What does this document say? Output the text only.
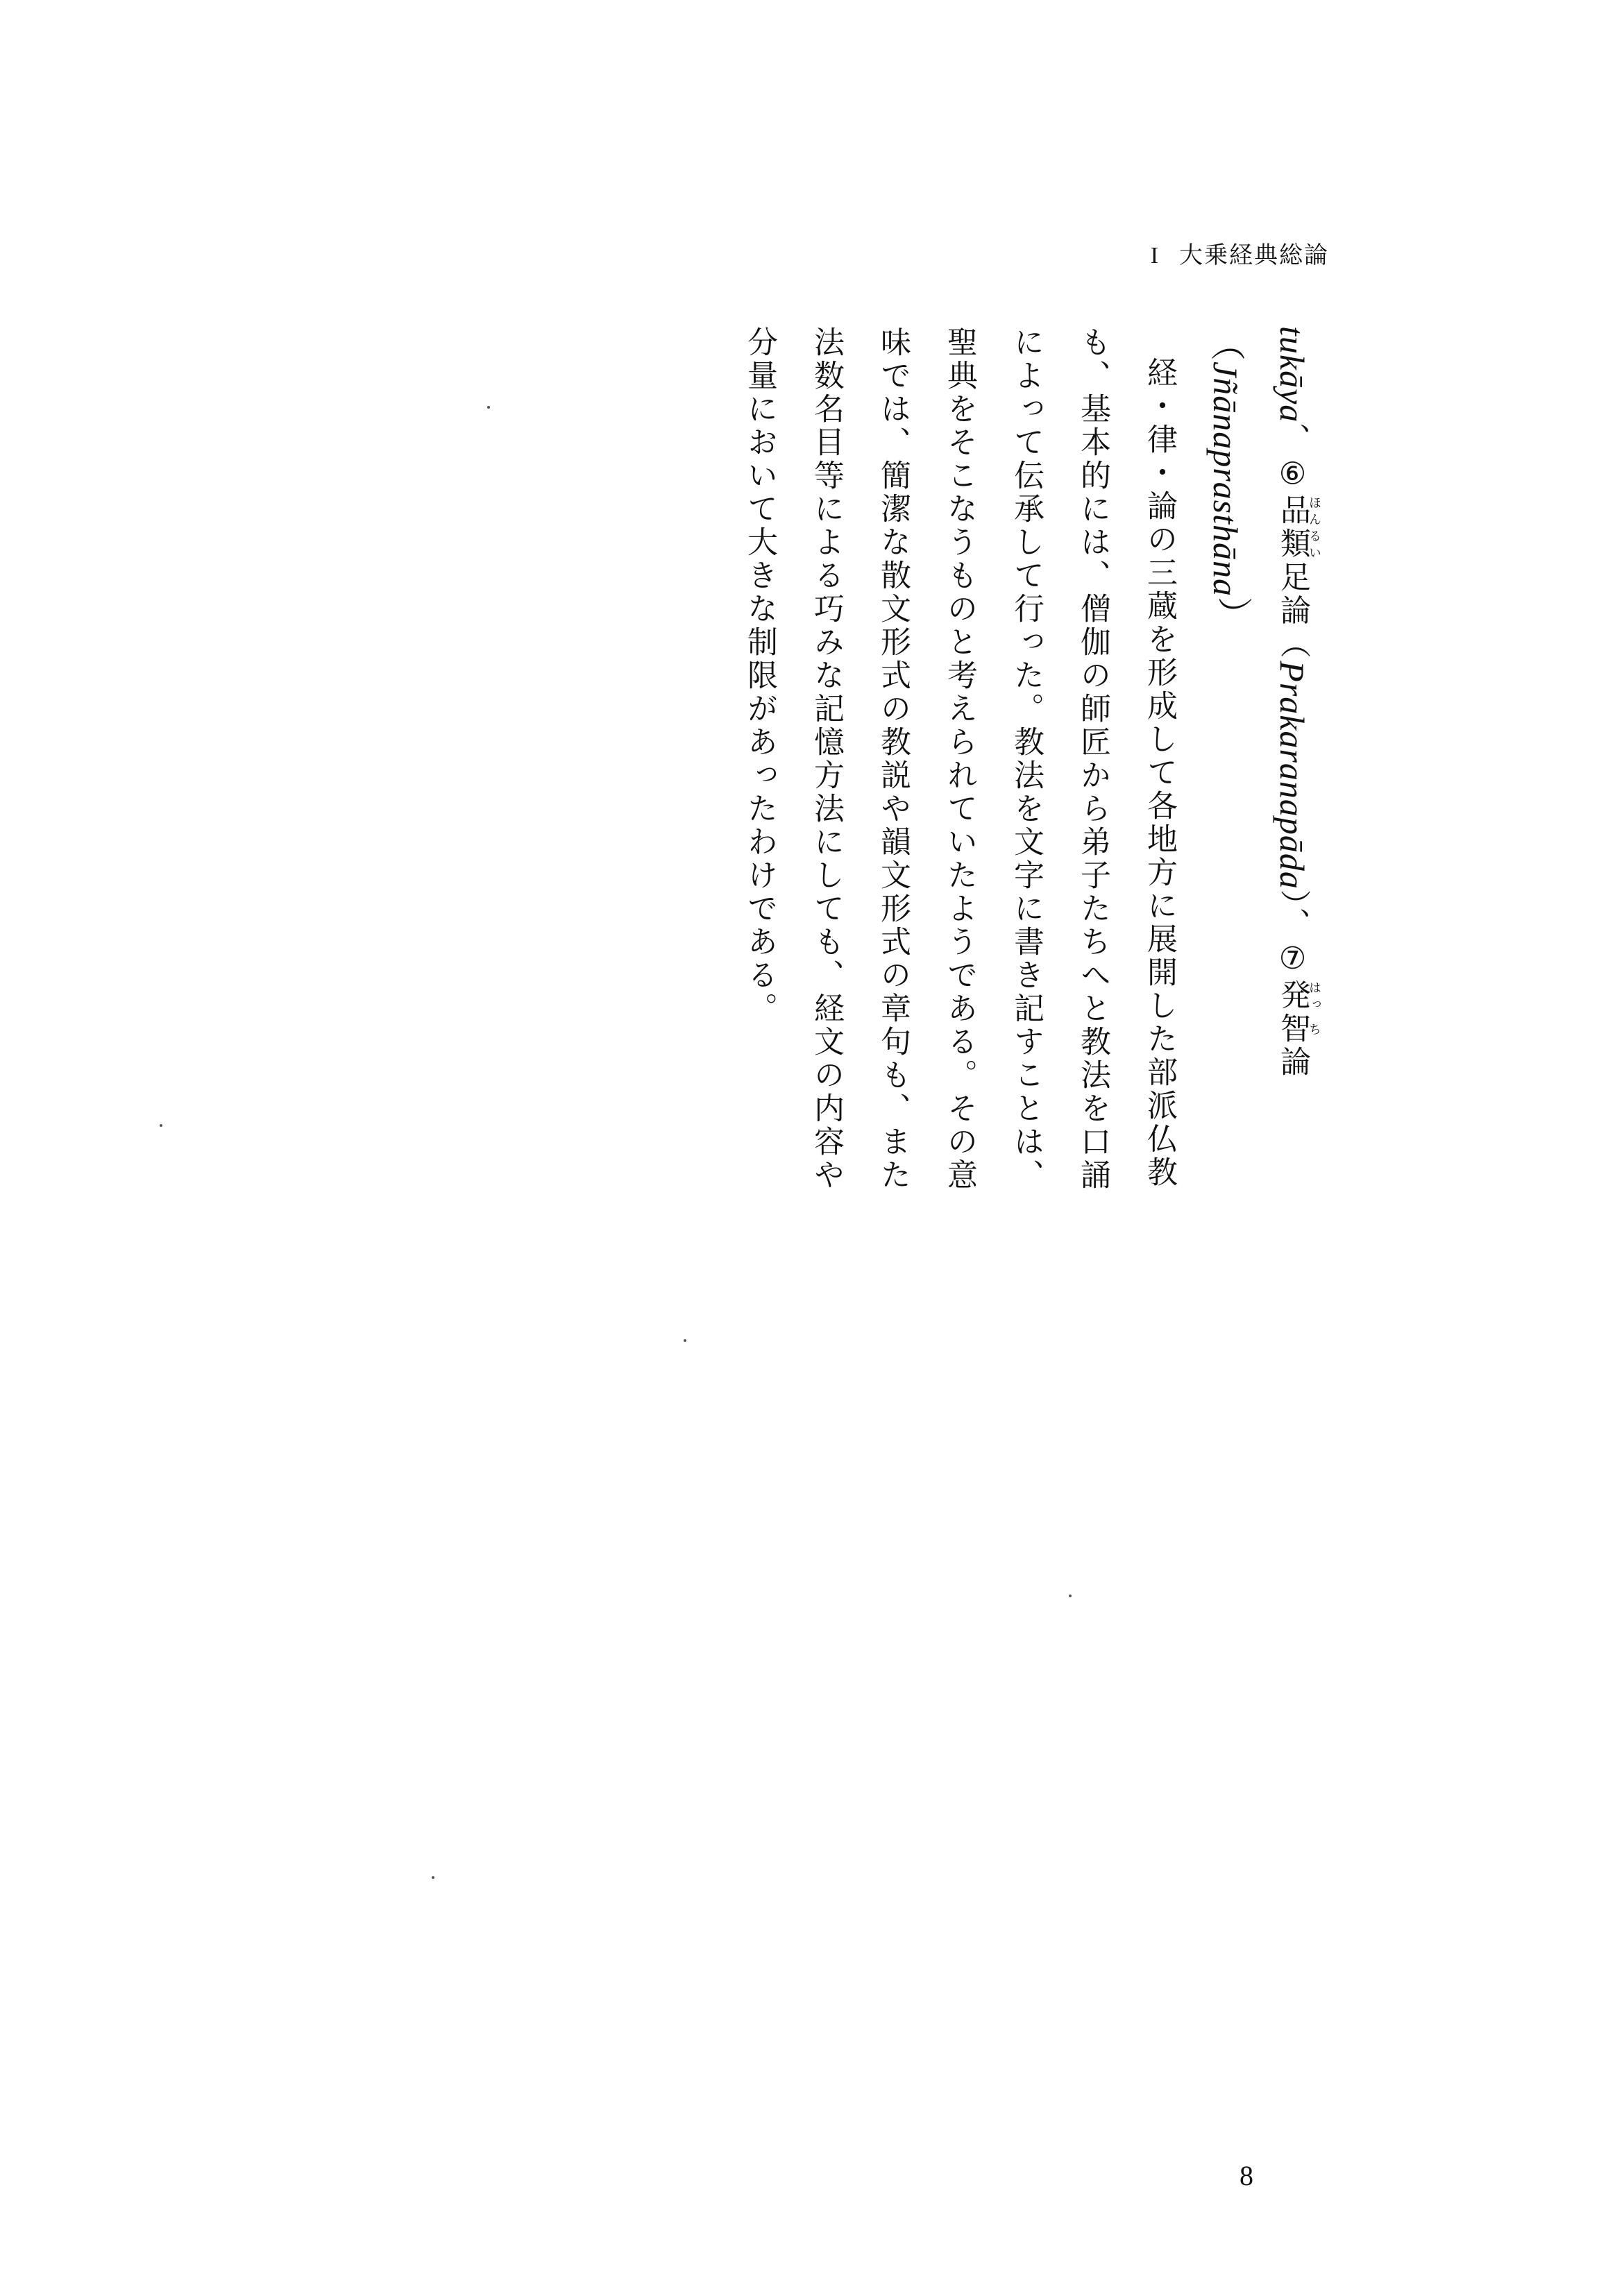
I 大乗経典総論
tukāya、⑥品ほん類るい足論（Prakaranapāda）、⑦発はっ智ち論
（Jñānaprasthāna）
経・律・論の三蔵を形成して各地方に展開した部派仏教
も、基本的には、僧伽の師匠から弟子たちへと教法を口誦
によって伝承して行った。教法を文字に書き記すことは、
聖典をそこなうものと考えられていたようである。その意
味では、簡潔な散文形式の教説や韻文形式の章句も、また
法数名目等による巧みな記憶方法にしても、経文の内容や
分量において大きな制限があったわけである。
8
